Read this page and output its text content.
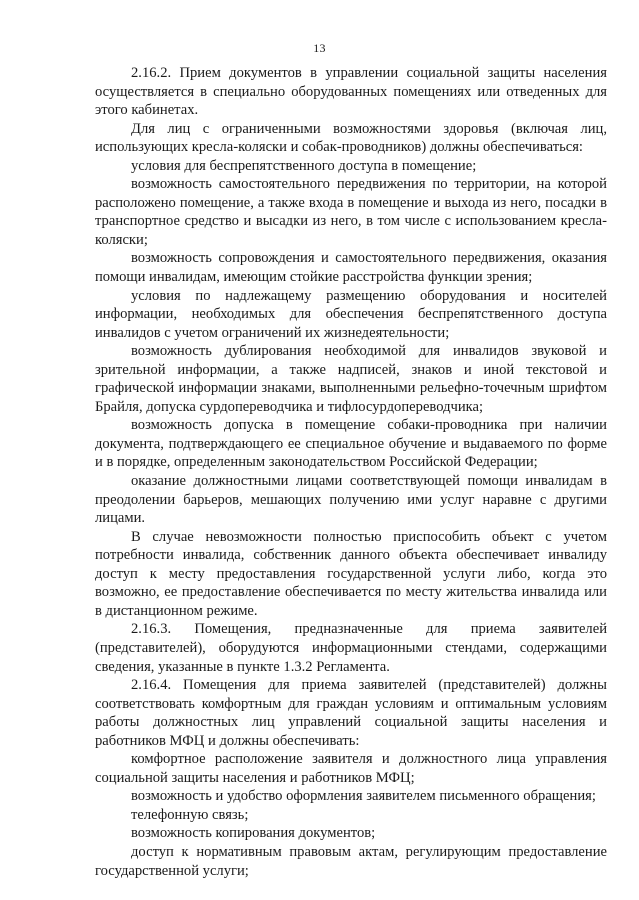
13

2.16.2. Прием документов в управлении социальной защиты населения осуществляется в специально оборудованных помещениях или отведенных для этого кабинетах.

Для лиц с ограниченными возможностями здоровья (включая лиц, использующих кресла-коляски и собак-проводников) должны обеспечиваться:

условия для беспрепятственного доступа в помещение;

возможность самостоятельного передвижения по территории, на которой расположено помещение, а также входа в помещение и выхода из него, посадки в транспортное средство и высадки из него, в том числе с использованием кресла-коляски;

возможность сопровождения и самостоятельного передвижения, оказания помощи инвалидам, имеющим стойкие расстройства функции зрения;

условия по надлежащему размещению оборудования и носителей информации, необходимых для обеспечения беспрепятственного доступа инвалидов с учетом ограничений их жизнедеятельности;

возможность дублирования необходимой для инвалидов звуковой и зрительной информации, а также надписей, знаков и иной текстовой и графической информации знаками, выполненными рельефно-точечным шрифтом Брайля, допуска сурдопереводчика и тифлосурдопереводчика;

возможность допуска в помещение собаки-проводника при наличии документа, подтверждающего ее специальное обучение и выдаваемого по форме и в порядке, определенным законодательством Российской Федерации;

оказание должностными лицами соответствующей помощи инвалидам в преодолении барьеров, мешающих получению ими услуг наравне с другими лицами.

В случае невозможности полностью приспособить объект с учетом потребности инвалида, собственник данного объекта обеспечивает инвалиду доступ к месту предоставления государственной услуги либо, когда это возможно, ее предоставление обеспечивается по месту жительства инвалида или в дистанционном режиме.

2.16.3. Помещения, предназначенные для приема заявителей (представителей), оборудуются информационными стендами, содержащими сведения, указанные в пункте 1.3.2 Регламента.

2.16.4. Помещения для приема заявителей (представителей) должны соответствовать комфортным для граждан условиям и оптимальным условиям работы должностных лиц управлений социальной защиты населения и работников МФЦ и должны обеспечивать:

комфортное расположение заявителя и должностного лица управления социальной защиты населения и работников МФЦ;

возможность и удобство оформления заявителем письменного обращения;

телефонную связь;

возможность копирования документов;

доступ к нормативным правовым актам, регулирующим предоставление государственной услуги;
